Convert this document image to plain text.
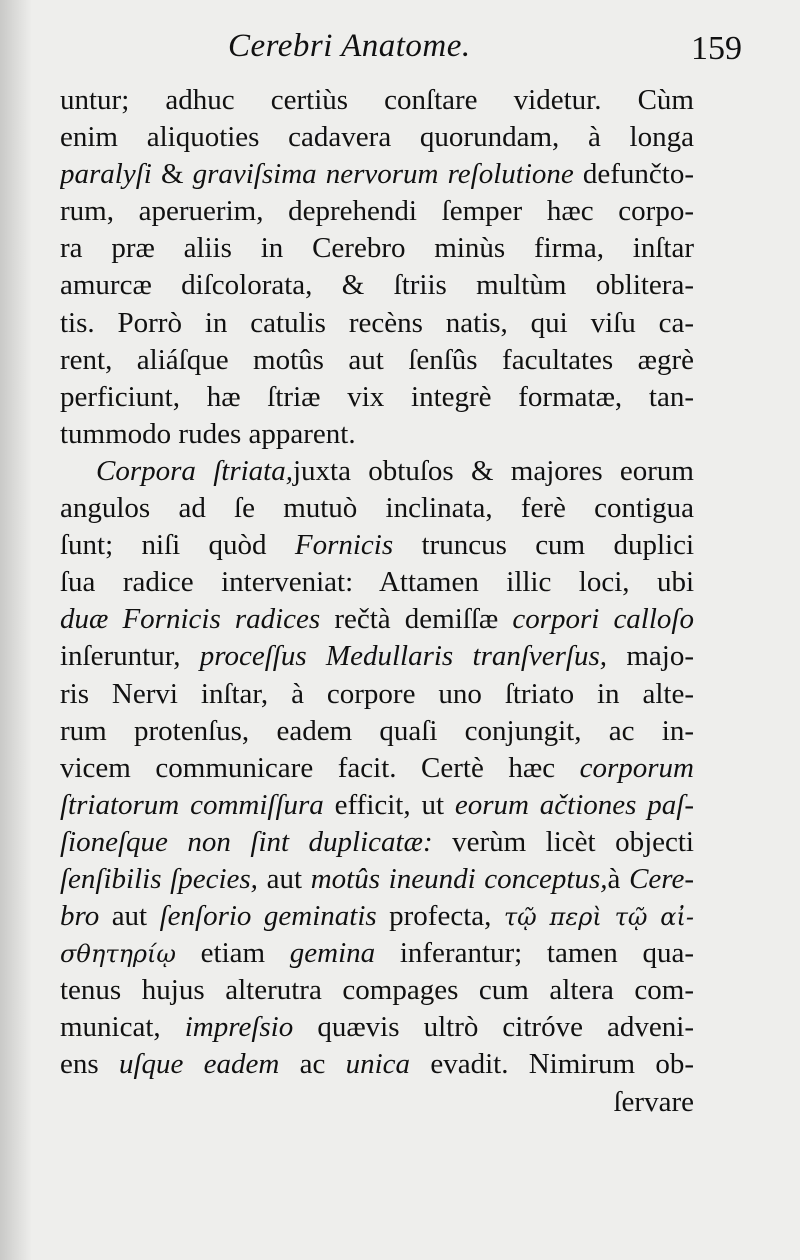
Cerebri Anatome.	159
untur; adhuc certiùs conſtare videtur. Cùm
enim aliquoties cadavera quorundam, à longa
paralyſi & graviſsima nervorum reſolutione defunčto-
rum, aperuerim, deprehendi ſemper hæc corpo-
ra præ aliis in Cerebro minùs firma, inſtar
amurcæ diſcolorata, & ſtriis multùm oblitera-
tis. Porrò in catulis recèns natis, qui viſu ca-
rent, aliáſque motûs aut ſenſûs facultates ægrè
perficiunt, hæ ſtriæ vix integrè formatæ, tan-
tummodo rudes apparent.
Corpora ſtriata,juxta obtuſos & majores eorum
angulos ad ſe mutuò inclinata, ferè contigua
ſunt; niſi quòd Fornicis truncus cum duplici
ſua radice interveniat: Attamen illic loci, ubi
duæ Fornicis radices rečtà demiſſæ corpori calloſo
inſeruntur, proceſſus Medullaris tranſverſus, majo-
ris Nervi inſtar, à corpore uno ſtriato in alte-
rum protenſus, eadem quaſi conjungit, ac in-
vicem communicare facit. Certè hæc corporum
ſtriatorum commiſſura efficit, ut eorum ačtiones paſ-
ſioneſque non ſint duplicatæ: verùm licèt objecti
ſenſibilis ſpecies, aut motûs ineundi conceptus,à Cere-
bro aut ſenſorio geminatis profecta, τῷ περὶ τῷ αἰ-
σθητηρίῳ etiam gemina inferantur; tamen qua-
tenus hujus alterutra compages cum altera com-
municat, impreſsio quævis ultrò citróve adveni-
ens uſque eadem ac unica evadit. Nimirum ob-
ſervare
